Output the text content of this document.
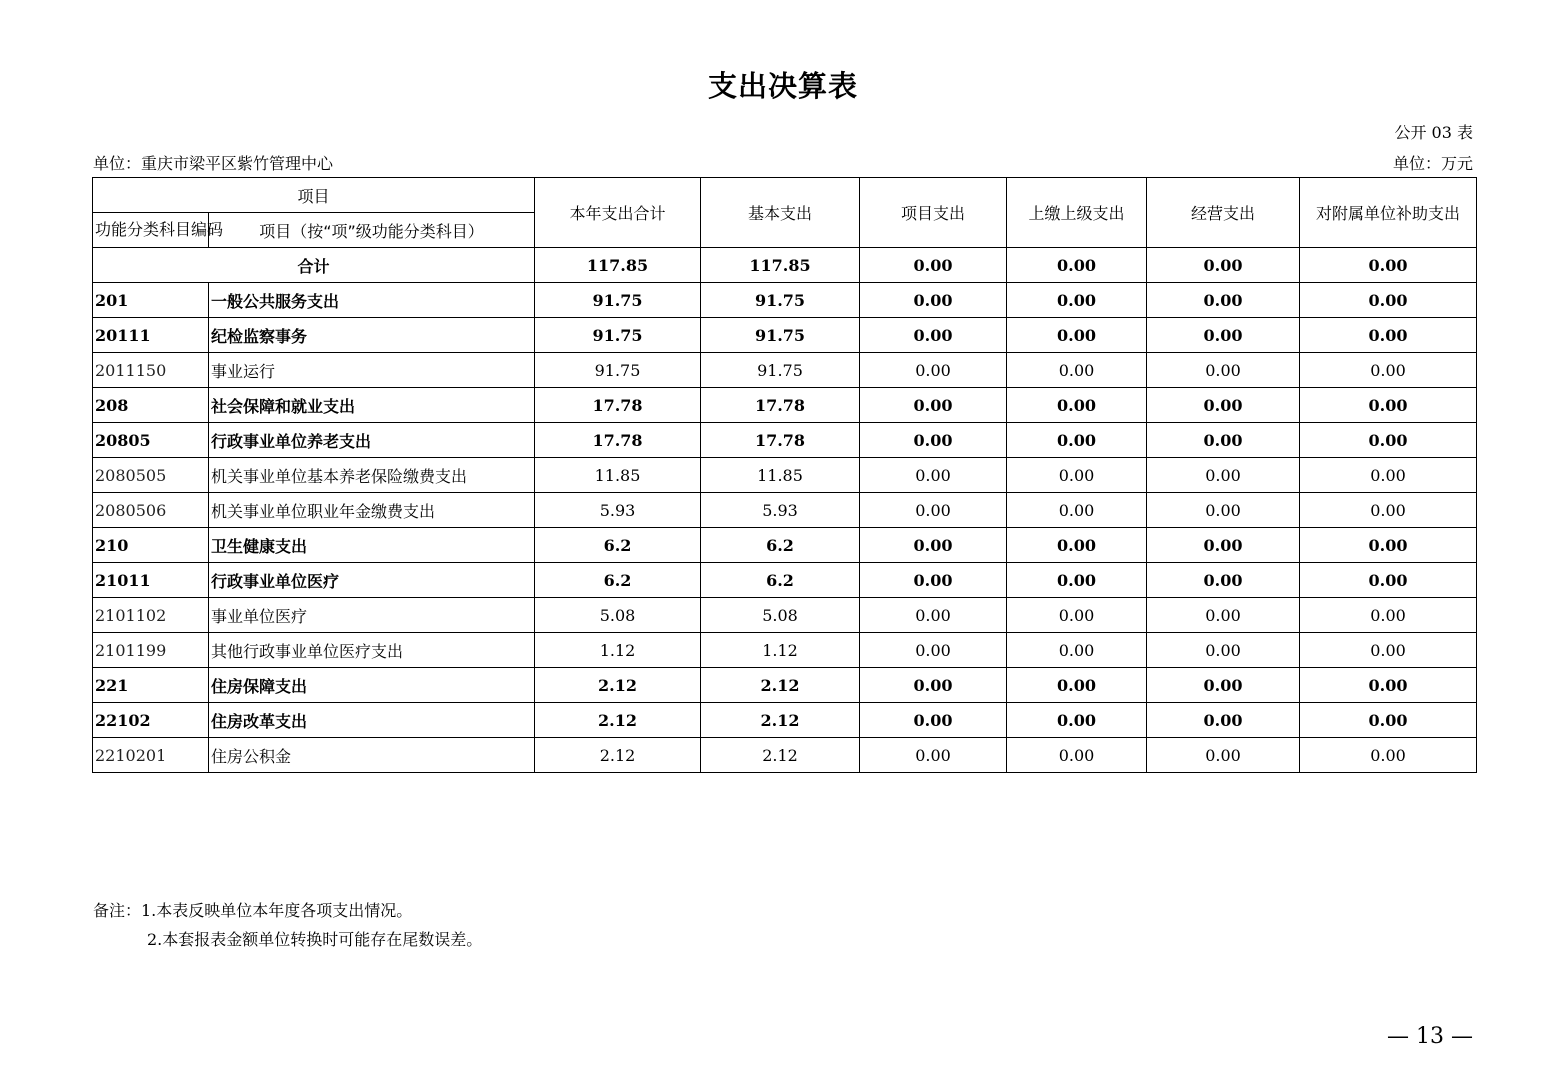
支出决算表
公开 03 表
单位：重庆市梁平区紫竹管理中心	单位：万元
项目		本年支出合计	基本支出	项目支出	上缴上级支出	经营支出	对附属单位补助支出
功能分类科目编码	项目（按“项”级功能分类科目）						
合计		117.85	117.85	0.00	0.00	0.00	0.00
201	一般公共服务支出	91.75	91.75	0.00	0.00	0.00	0.00
20111	纪检监察事务	91.75	91.75	0.00	0.00	0.00	0.00
2011150	事业运行	91.75	91.75	0.00	0.00	0.00	0.00
208	社会保障和就业支出	17.78	17.78	0.00	0.00	0.00	0.00
20805	行政事业单位养老支出	17.78	17.78	0.00	0.00	0.00	0.00
2080505	机关事业单位基本养老保险缴费支出	11.85	11.85	0.00	0.00	0.00	0.00
2080506	机关事业单位职业年金缴费支出	5.93	5.93	0.00	0.00	0.00	0.00
210	卫生健康支出	6.2	6.2	0.00	0.00	0.00	0.00
21011	行政事业单位医疗	6.2	6.2	0.00	0.00	0.00	0.00
2101102	事业单位医疗	5.08	5.08	0.00	0.00	0.00	0.00
2101199	其他行政事业单位医疗支出	1.12	1.12	0.00	0.00	0.00	0.00
221	住房保障支出	2.12	2.12	0.00	0.00	0.00	0.00
22102	住房改革支出	2.12	2.12	0.00	0.00	0.00	0.00
2210201	住房公积金	2.12	2.12	0.00	0.00	0.00	0.00
备注：1.本表反映单位本年度各项支出情况。
2.本套报表金额单位转换时可能存在尾数误差。
— 13 —
